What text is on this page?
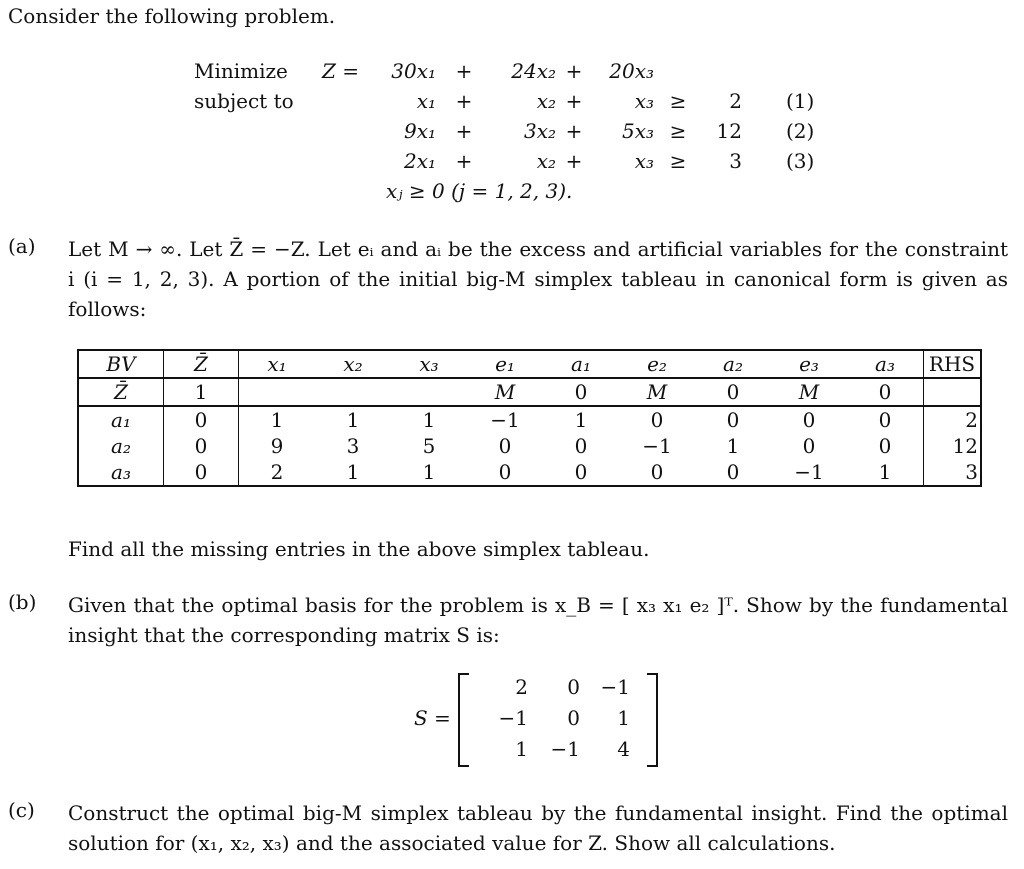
Consider the following problem.
Minimize
subject to
Z =	30x₁ +	24x₂ +	20x₃
x₁ +	x₂ +	x₃ ≥	2 (1)
9x₁ +	3x₂ +	5x₃ ≥	12 (2)
2x₁ +	x₂ +	x₃ ≥	3 (3)
xⱼ ≥ 0 (j = 1, 2, 3).
(a) Let M → ∞. Let Z̄ = −Z. Let eᵢ and aᵢ be the excess and artificial variables for the constraint i (i = 1, 2, 3). A portion of the initial big-M simplex tableau in canonical form is given as follows:
BV	Z̄	x₁	x₂	x₃	e₁	a₁	e₂	a₂	e₃	a₃	RHS
Z̄	1				M	0	M	0	M	0	
a₁	0	1	1	1	−1	1	0	0	0	0	2
a₂	0	9	3	5	0	0	−1	1	0	0	12
a₃	0	2	1	1	0	0	0	0	−1	1	3
Find all the missing entries in the above simplex tableau.
(b) Given that the optimal basis for the problem is x_B = [ x₃ x₁ e₂ ]ᵀ. Show by the fundamental insight that the corresponding matrix S is:
S =
2	0	−1
−1	0	1
1	−1	4
(c) Construct the optimal big-M simplex tableau by the fundamental insight. Find the optimal solution for (x₁, x₂, x₃) and the associated value for Z. Show all calculations.
